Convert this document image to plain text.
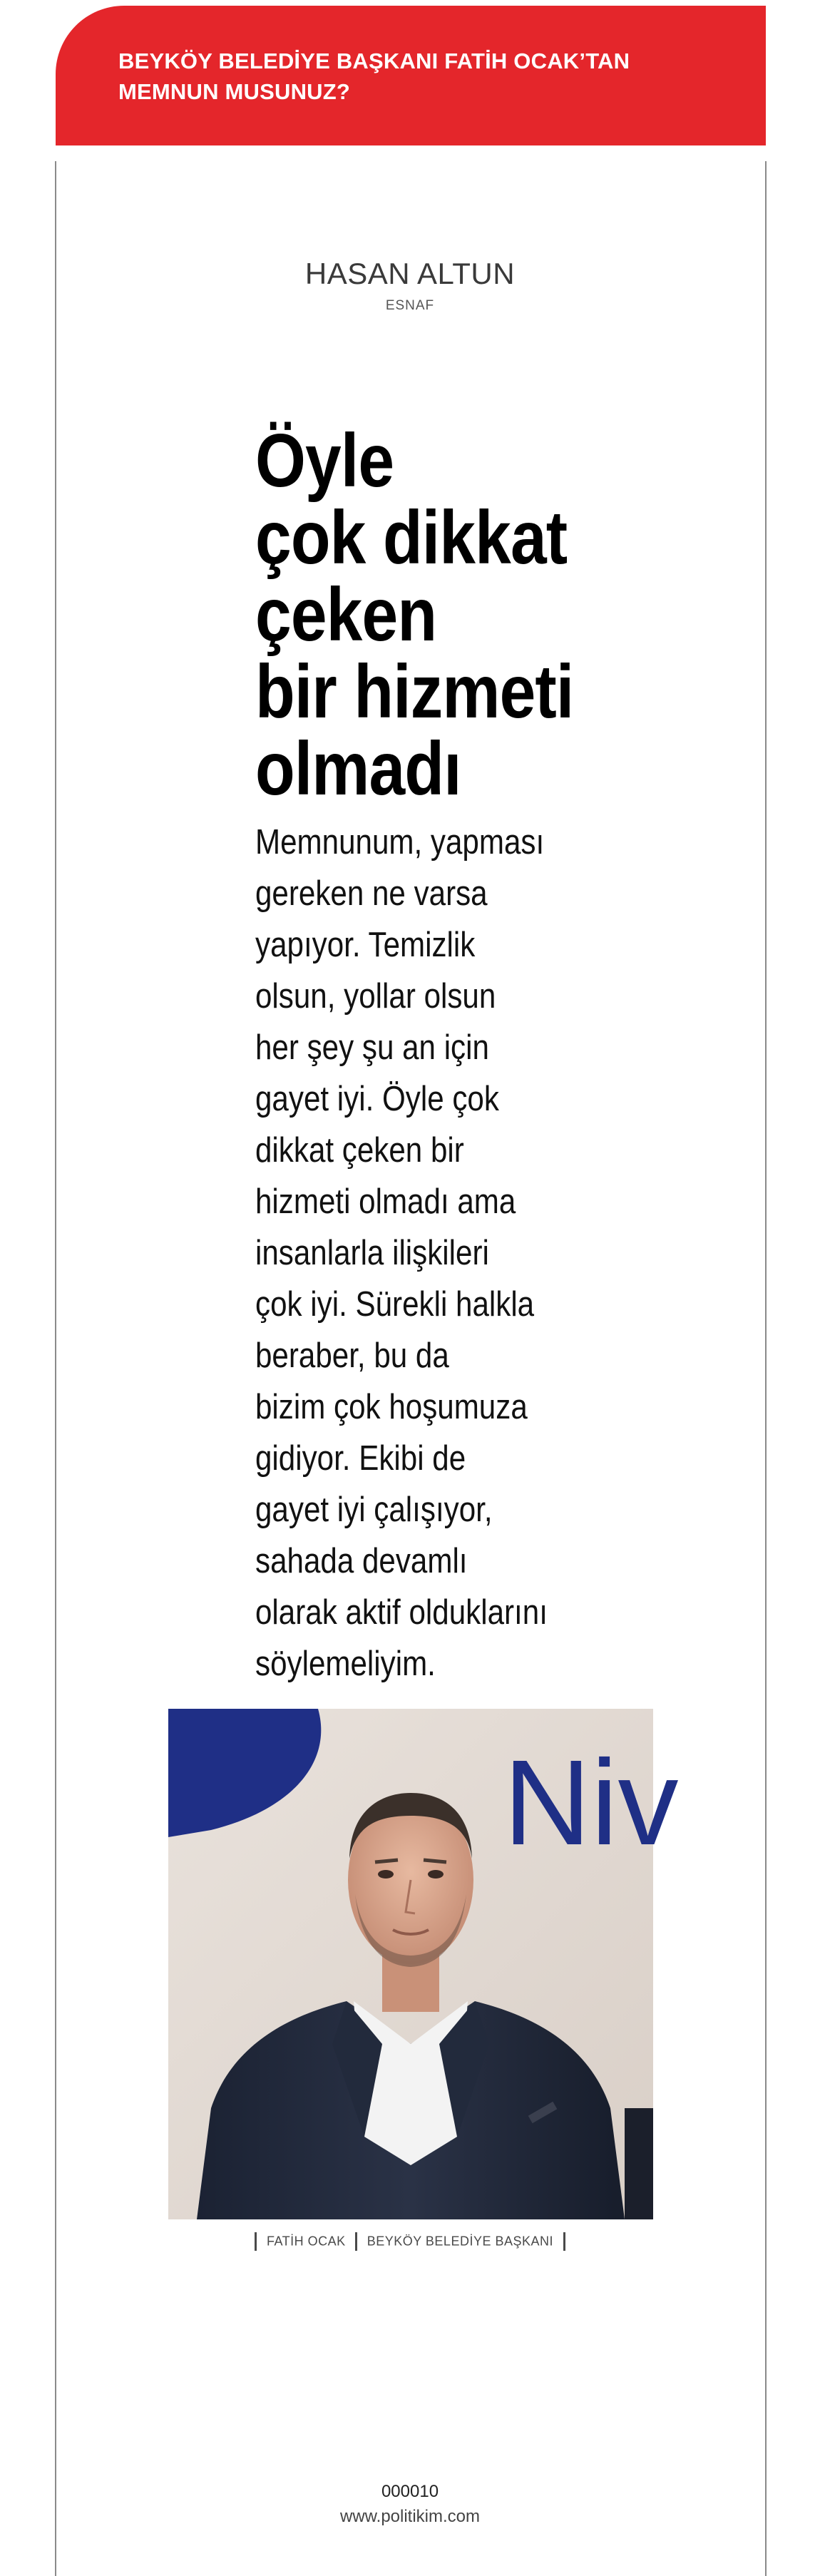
BEYKÖY BELEDİYE BAŞKANI FATİH OCAK’TAN
MEMNUN MUSUNUZ?
HASAN ALTUN
ESNAF
Öyle
çok dikkat
çeken
bir hizmeti
olmadı
Memnunum, yapması
gereken ne varsa
yapıyor. Temizlik
olsun, yollar olsun
her şey şu an için
gayet iyi. Öyle çok
dikkat çeken bir
hizmeti olmadı ama
insanlarla ilişkileri
çok iyi. Sürekli halkla
beraber, bu da
bizim çok hoşumuza
gidiyor. Ekibi de
gayet iyi çalışıyor,
sahada devamlı
olarak aktif olduklarını
söylemeliyim.
Niv
FATİH OCAK BEYKÖY BELEDİYE BAŞKANI
000010
www.politikim.com
